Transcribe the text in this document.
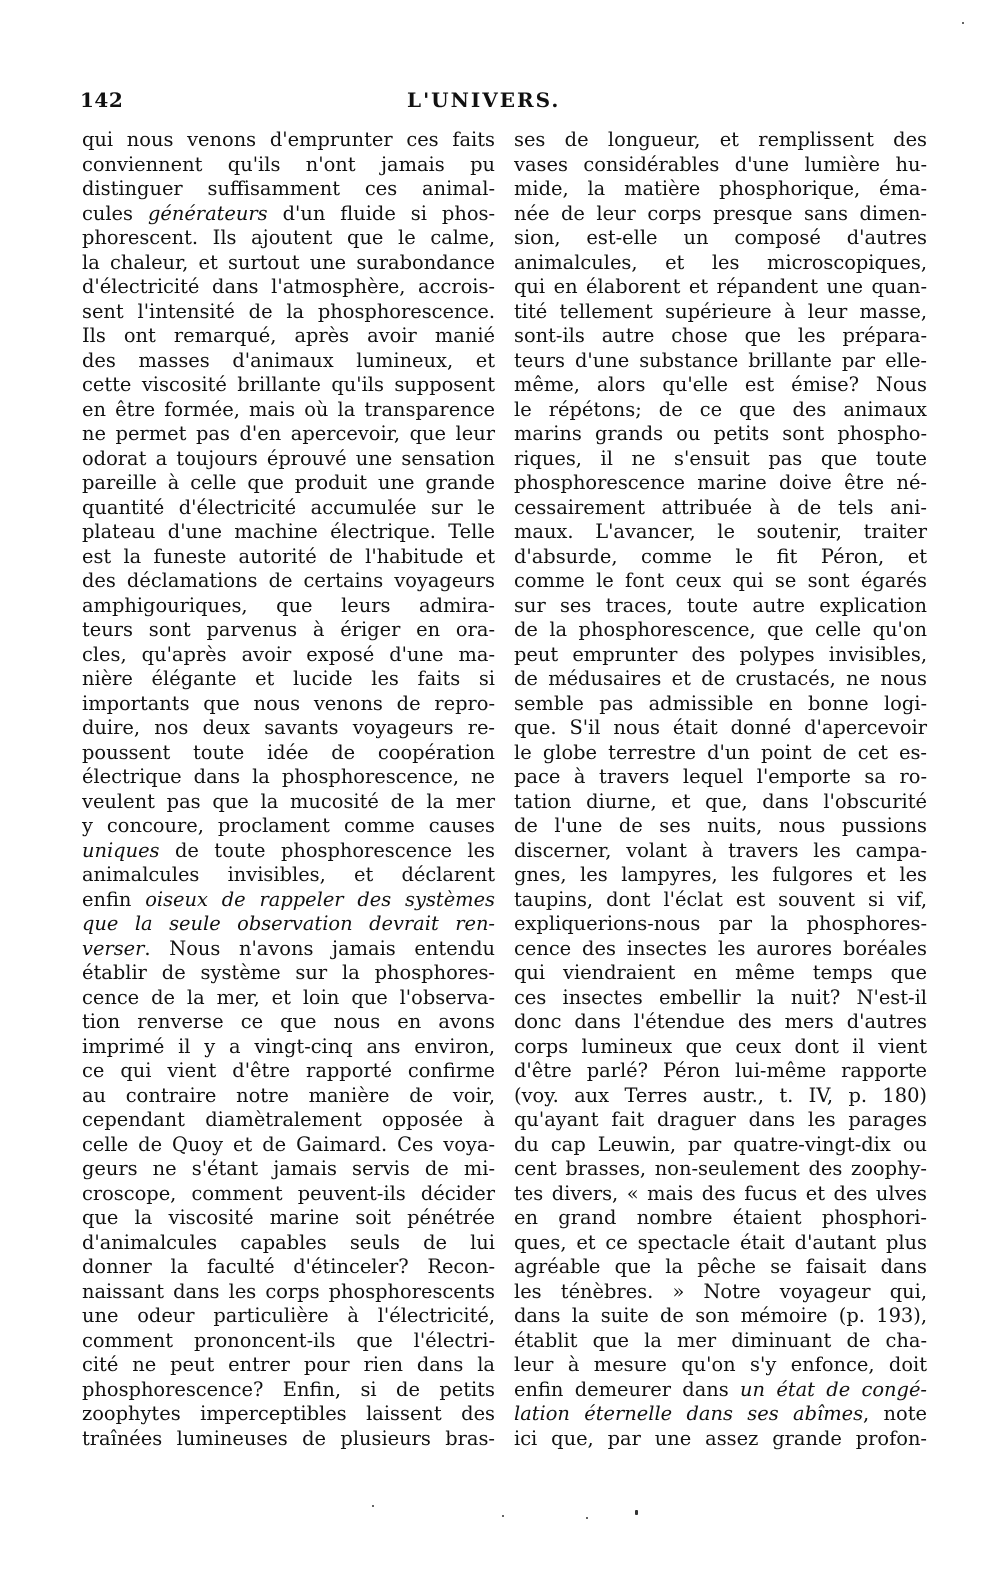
142	L'UNIVERS.
qui nous venons d'emprunter ces faits
conviennent qu'ils n'ont jamais pu
distinguer suffisamment ces animal-
cules générateurs d'un fluide si phos-
phorescent. Ils ajoutent que le calme,
la chaleur, et surtout une surabondance
d'électricité dans l'atmosphère, accrois-
sent l'intensité de la phosphorescence.
Ils ont remarqué, après avoir manié
des masses d'animaux lumineux, et
cette viscosité brillante qu'ils supposent
en être formée, mais où la transparence
ne permet pas d'en apercevoir, que leur
odorat a toujours éprouvé une sensation
pareille à celle que produit une grande
quantité d'électricité accumulée sur le
plateau d'une machine électrique. Telle
est la funeste autorité de l'habitude et
des déclamations de certains voyageurs
amphigouriques, que leurs admira-
teurs sont parvenus à ériger en ora-
cles, qu'après avoir exposé d'une ma-
nière élégante et lucide les faits si
importants que nous venons de repro-
duire, nos deux savants voyageurs re-
poussent toute idée de coopération
électrique dans la phosphorescence, ne
veulent pas que la mucosité de la mer
y concoure, proclament comme causes
uniques de toute phosphorescence les
animalcules invisibles, et déclarent
enfin oiseux de rappeler des systèmes
que la seule observation devrait ren-
verser. Nous n'avons jamais entendu
établir de système sur la phosphores-
cence de la mer, et loin que l'observa-
tion renverse ce que nous en avons
imprimé il y a vingt-cinq ans environ,
ce qui vient d'être rapporté confirme
au contraire notre manière de voir,
cependant diamètralement opposée à
celle de Quoy et de Gaimard. Ces voya-
geurs ne s'étant jamais servis de mi-
croscope, comment peuvent-ils décider
que la viscosité marine soit pénétrée
d'animalcules capables seuls de lui
donner la faculté d'étinceler? Recon-
naissant dans les corps phosphorescents
une odeur particulière à l'électricité,
comment prononcent-ils que l'électri-
cité ne peut entrer pour rien dans la
phosphorescence? Enfin, si de petits
zoophytes imperceptibles laissent des
traînées lumineuses de plusieurs bras-
ses de longueur, et remplissent des
vases considérables d'une lumière hu-
mide, la matière phosphorique, éma-
née de leur corps presque sans dimen-
sion, est-elle un composé d'autres
animalcules, et les microscopiques,
qui en élaborent et répandent une quan-
tité tellement supérieure à leur masse,
sont-ils autre chose que les prépara-
teurs d'une substance brillante par elle-
même, alors qu'elle est émise? Nous
le répétons; de ce que des animaux
marins grands ou petits sont phospho-
riques, il ne s'ensuit pas que toute
phosphorescence marine doive être né-
cessairement attribuée à de tels ani-
maux. L'avancer, le soutenir, traiter
d'absurde, comme le fit Péron, et
comme le font ceux qui se sont égarés
sur ses traces, toute autre explication
de la phosphorescence, que celle qu'on
peut emprunter des polypes invisibles,
de médusaires et de crustacés, ne nous
semble pas admissible en bonne logi-
que. S'il nous était donné d'apercevoir
le globe terrestre d'un point de cet es-
pace à travers lequel l'emporte sa ro-
tation diurne, et que, dans l'obscurité
de l'une de ses nuits, nous pussions
discerner, volant à travers les campa-
gnes, les lampyres, les fulgores et les
taupins, dont l'éclat est souvent si vif,
expliquerions-nous par la phosphores-
cence des insectes les aurores boréales
qui viendraient en même temps que
ces insectes embellir la nuit? N'est-il
donc dans l'étendue des mers d'autres
corps lumineux que ceux dont il vient
d'être parlé? Péron lui-même rapporte
(voy. aux Terres austr., t. IV, p. 180)
qu'ayant fait draguer dans les parages
du cap Leuwin, par quatre-vingt-dix ou
cent brasses, non-seulement des zoophy-
tes divers, « mais des fucus et des ulves
en grand nombre étaient phosphori-
ques, et ce spectacle était d'autant plus
agréable que la pêche se faisait dans
les ténèbres. » Notre voyageur qui,
dans la suite de son mémoire (p. 193),
établit que la mer diminuant de cha-
leur à mesure qu'on s'y enfonce, doit
enfin demeurer dans un état de congé-
lation éternelle dans ses abîmes, note
ici que, par une assez grande profon-
